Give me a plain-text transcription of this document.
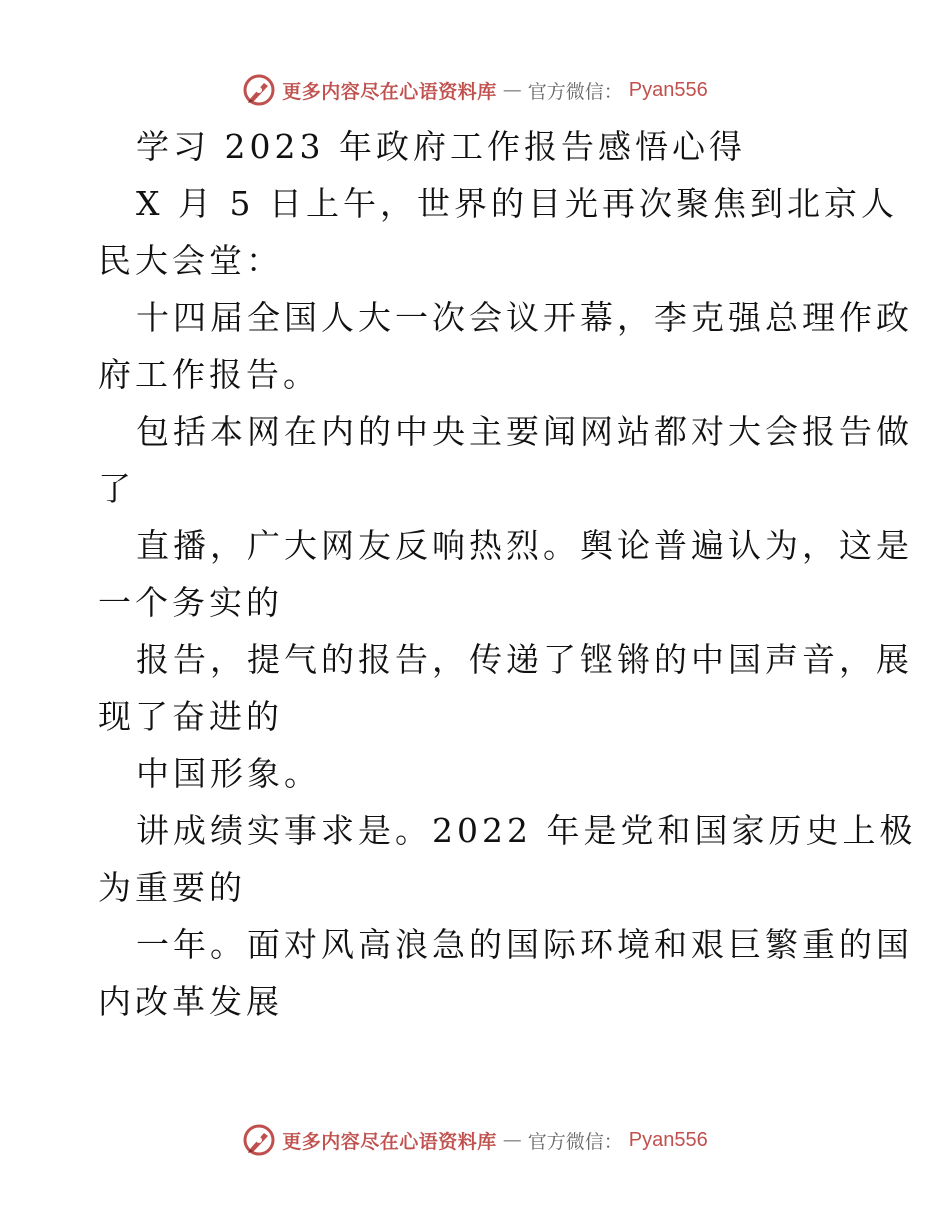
更多内容尽在心语资料库 — 官方微信： Pyan556
学习 2023 年政府工作报告感悟心得
X 月 5 日上午，世界的目光再次聚焦到北京人
民大会堂：
十四届全国人大一次会议开幕，李克强总理作政
府工作报告。
包括本网在内的中央主要闻网站都对大会报告做
了
直播，广大网友反响热烈。舆论普遍认为，这是
一个务实的
报告，提气的报告，传递了铿锵的中国声音，展
现了奋进的
中国形象。
讲成绩实事求是。2022 年是党和国家历史上极
为重要的
一年。面对风高浪急的国际环境和艰巨繁重的国
内改革发展
更多内容尽在心语资料库 — 官方微信： Pyan556
